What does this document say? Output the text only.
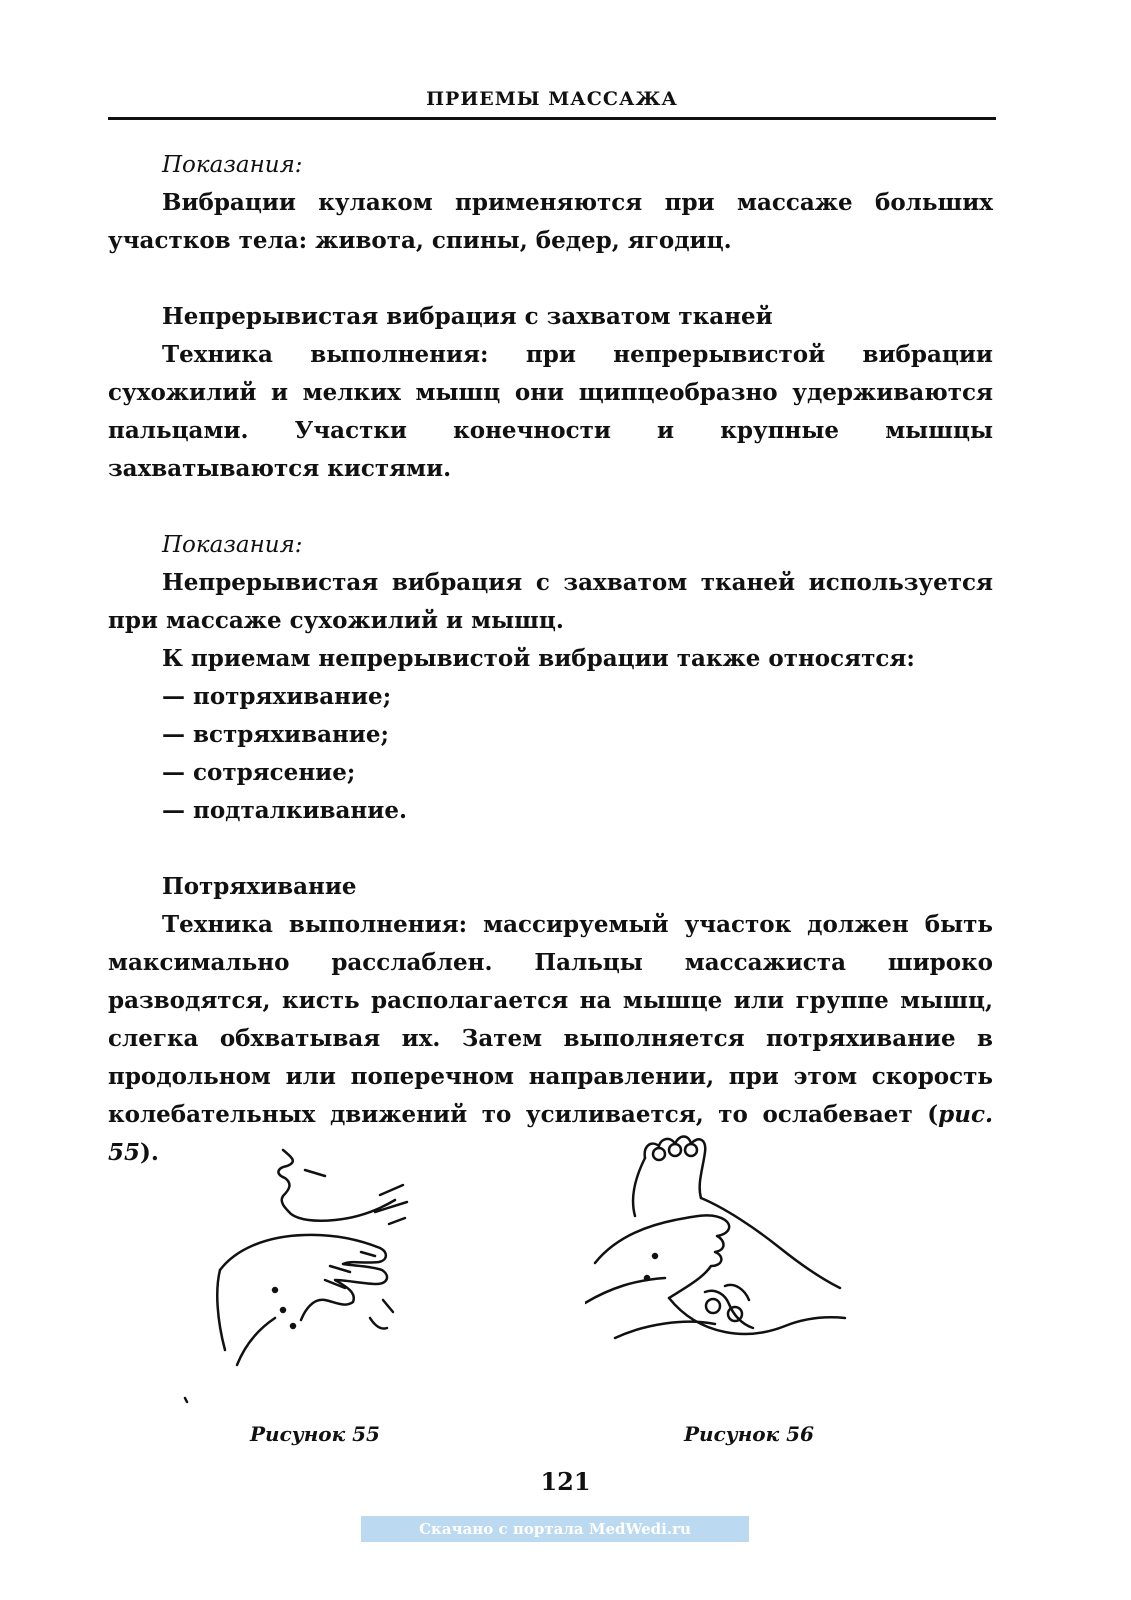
ПРИЕМЫ МАССАЖА

Показания:

Вибрации кулаком применяются при массаже больших участков тела: живота, спины, бедер, ягодиц.

Непрерывистая вибрация с захватом тканей

Техника выполнения: при непрерывистой вибрации сухожилий и мелких мышц они щипцеобразно удерживаются пальцами. Участки конечности и крупные мышцы захватываются кистями.

Показания:

Непрерывистая вибрация с захватом тканей используется при массаже сухожилий и мышц.

К приемам непрерывистой вибрации также относятся:

— потряхивание;

— встряхивание;

— сотрясение;

— подталкивание.

Потряхивание

Техника выполнения: массируемый участок должен быть максимально расслаблен. Пальцы массажиста широко разводятся, кисть располагается на мышце или группе мышц, слегка обхватывая их. Затем выполняется потряхивание в продольном или поперечном направлении, при этом скорость колебательных движений то усиливается, то ослабевает (рис. 55).

Рисунок 55	Рисунок 56
121
Скачано с портала MedWedi.ru
